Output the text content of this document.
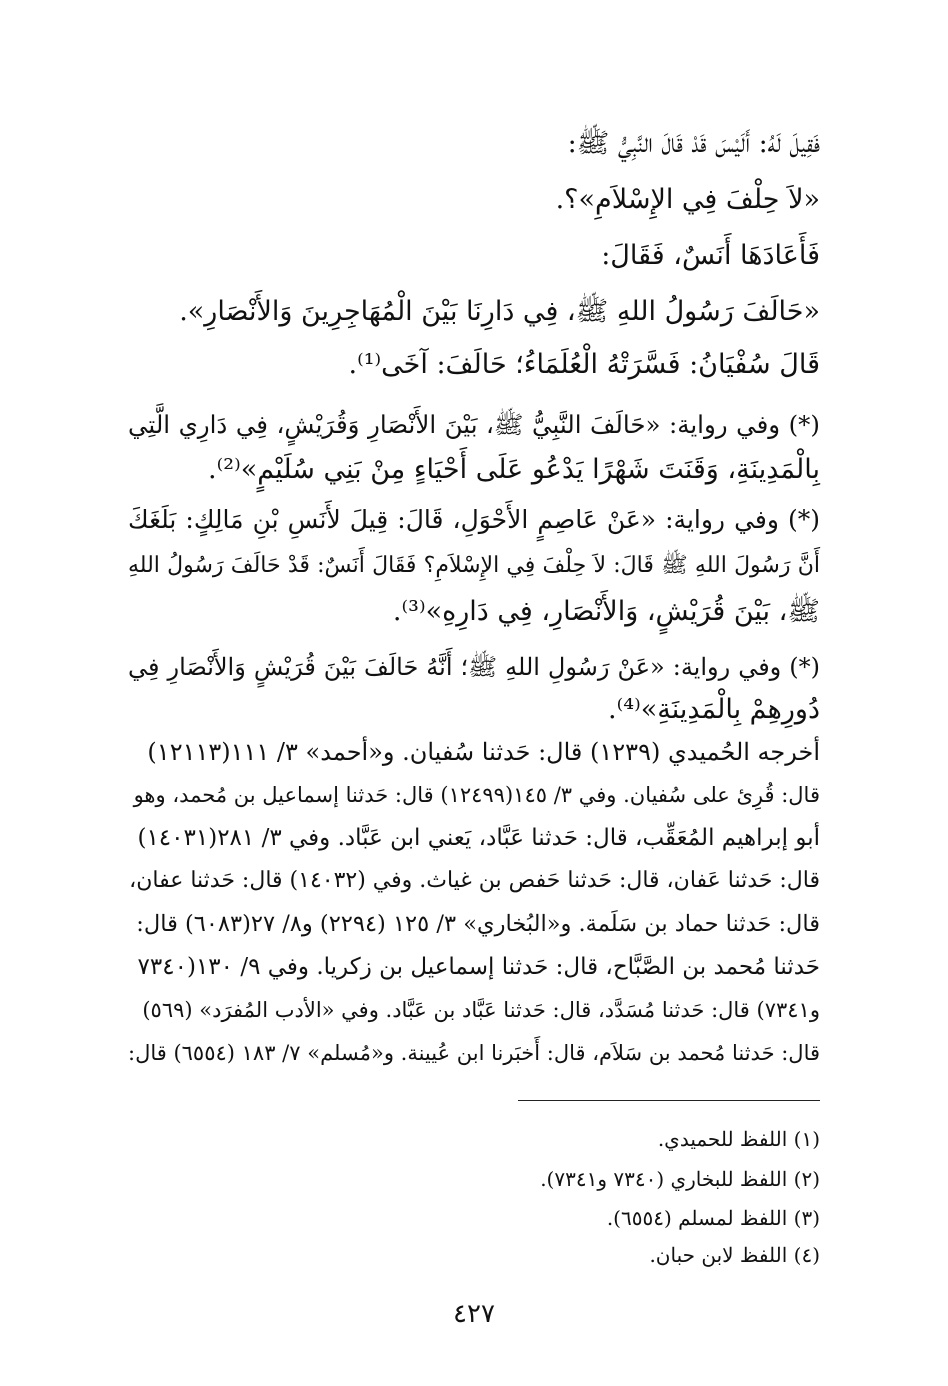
فَقِيلَ لَهُ: أَلَيْسَ قَدْ قَالَ النَّبِيُّ ﷺ:
«لاَ حِلْفَ فِي الإِسْلاَمِ»؟.
فَأَعَادَهَا أَنَسٌ، فَقَالَ:
«حَالَفَ رَسُولُ اللهِ ﷺ، فِي دَارِنَا بَيْنَ الْمُهَاجِرِينَ وَالأَنْصَارِ».
قَالَ سُفْيَانُ: فَسَّرَتْهُ الْعُلَمَاءُ؛ حَالَفَ: آخَى⁽¹⁾.
(*) وفي رواية: «حَالَفَ النَّبِيُّ ﷺ، بَيْنَ الأَنْصَارِ وَقُرَيْشٍ، فِي دَارِي الَّتِي
بِالْمَدِينَةِ، وَقَنَتَ شَهْرًا يَدْعُو عَلَى أَحْيَاءٍ مِنْ بَنِي سُلَيْمٍ»⁽²⁾.
(*) وفي رواية: «عَنْ عَاصِمٍ الأَحْوَلِ، قَالَ: قِيلَ لأَنَسِ بْنِ مَالِكٍ: بَلَغَكَ
أَنَّ رَسُولَ اللهِ ﷺ قَالَ: لاَ حِلْفَ فِي الإِسْلاَمِ؟ فَقَالَ أَنَسٌ: قَدْ حَالَفَ رَسُولُ اللهِ
ﷺ، بَيْنَ قُرَيْشٍ، وَالأَنْصَارِ، فِي دَارِهِ»⁽³⁾.
(*) وفي رواية: «عَنْ رَسُولِ اللهِ ﷺ؛ أَنَّهُ حَالَفَ بَيْنَ قُرَيْشٍ وَالأَنْصَارِ فِي
دُورِهِمْ بِالْمَدِينَةِ»⁽⁴⁾.
أخرجه الحُميدي (١٢٣٩) قال: حَدثنا سُفيان. و«أحمد» ٣/ ١١١(١٢١١٣)
قال: قُرِئ على سُفيان. وفي ٣/ ١٤٥(١٢٤٩٩) قال: حَدثنا إسماعيل بن مُحمد، وهو
أبو إبراهيم المُعَقِّب، قال: حَدثنا عَبَّاد، يَعني ابن عَبَّاد. وفي ٣/ ٢٨١(١٤٠٣١)
قال: حَدثنا عَفان، قال: حَدثنا حَفص بن غياث. وفي (١٤٠٣٢) قال: حَدثنا عفان،
قال: حَدثنا حماد بن سَلَمة. و«البُخاري» ٣/ ١٢٥ (٢٢٩٤) و٨/ ٢٧(٦٠٨٣) قال:
حَدثنا مُحمد بن الصَّبَّاح، قال: حَدثنا إسماعيل بن زكريا. وفي ٩/ ١٣٠(٧٣٤٠
و٧٣٤١) قال: حَدثنا مُسَدَّد، قال: حَدثنا عَبَّاد بن عَبَّاد. وفي «الأدب المُفرَد» (٥٦٩)
قال: حَدثنا مُحمد بن سَلاَم، قال: أَخبَرنا ابن عُيينة. و«مُسلم» ٧/ ١٨٣ (٦٥٥٤) قال:
(١) اللفظ للحميدي.
(٢) اللفظ للبخاري (٧٣٤٠ و٧٣٤١).
(٣) اللفظ لمسلم (٦٥٥٤).
(٤) اللفظ لابن حبان.
٤٢٧
